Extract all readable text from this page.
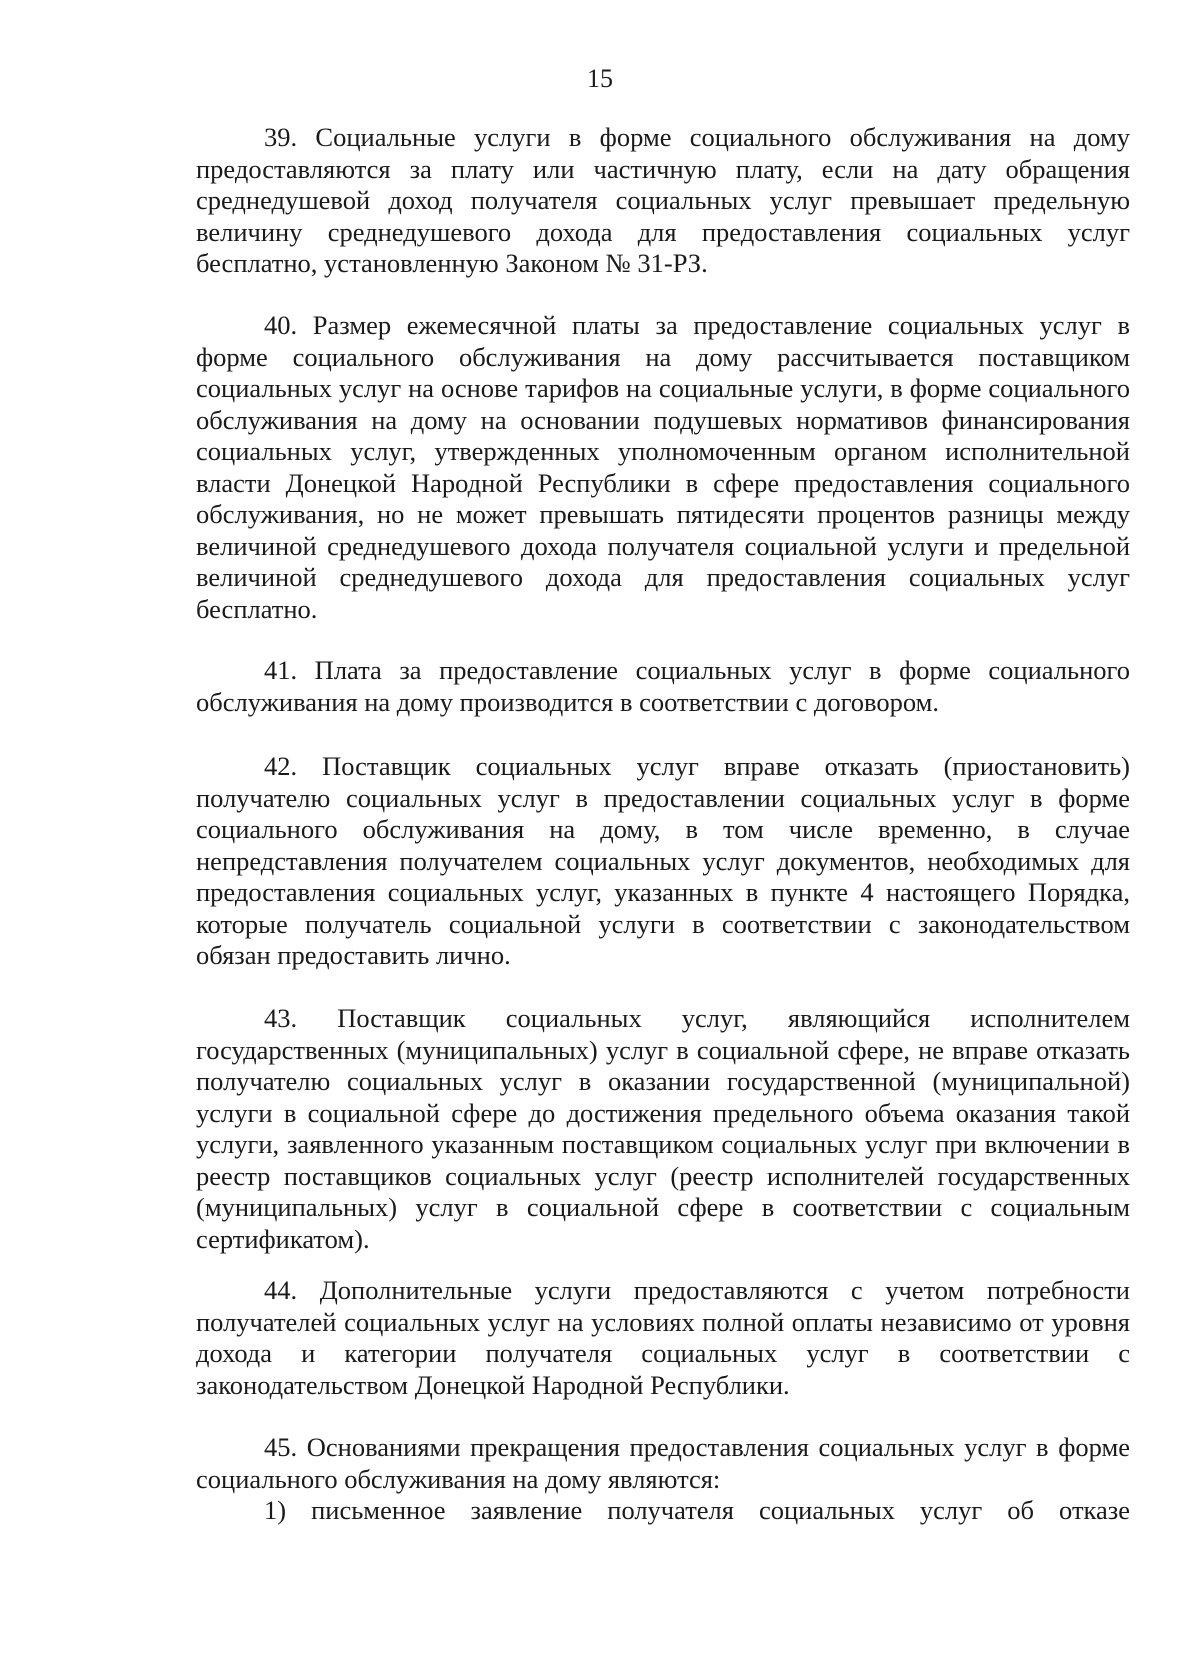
15

39. Социальные услуги в форме социального обслуживания на дому предоставляются за плату или частичную плату, если на дату обращения среднедушевой доход получателя социальных услуг превышает предельную величину среднедушевого дохода для предоставления социальных услуг бесплатно, установленную Законом № 31-РЗ.

40. Размер ежемесячной платы за предоставление социальных услуг в форме социального обслуживания на дому рассчитывается поставщиком социальных услуг на основе тарифов на социальные услуги, в форме социального обслуживания на дому на основании подушевых нормативов финансирования социальных услуг, утвержденных уполномоченным органом исполнительной власти Донецкой Народной Республики в сфере предоставления социального обслуживания, но не может превышать пятидесяти процентов разницы между величиной среднедушевого дохода получателя социальной услуги и предельной величиной среднедушевого дохода для предоставления социальных услуг бесплатно.

41. Плата за предоставление социальных услуг в форме социального обслуживания на дому производится в соответствии с договором.

42. Поставщик социальных услуг вправе отказать (приостановить) получателю социальных услуг в предоставлении социальных услуг в форме социального обслуживания на дому, в том числе временно, в случае непредставления получателем социальных услуг документов, необходимых для предоставления социальных услуг, указанных в пункте 4 настоящего Порядка, которые получатель социальной услуги в соответствии с законодательством обязан предоставить лично.

43. Поставщик социальных услуг, являющийся исполнителем государственных (муниципальных) услуг в социальной сфере, не вправе отказать получателю социальных услуг в оказании государственной (муниципальной) услуги в социальной сфере до достижения предельного объема оказания такой услуги, заявленного указанным поставщиком социальных услуг при включении в реестр поставщиков социальных услуг (реестр исполнителей государственных (муниципальных) услуг в социальной сфере в соответствии с социальным сертификатом).

44. Дополнительные услуги предоставляются с учетом потребности получателей социальных услуг на условиях полной оплаты независимо от уровня дохода и категории получателя социальных услуг в соответствии с законодательством Донецкой Народной Республики.

45. Основаниями прекращения предоставления социальных услуг в форме социального обслуживания на дому являются:

1) письменное заявление получателя социальных услуг об отказе
